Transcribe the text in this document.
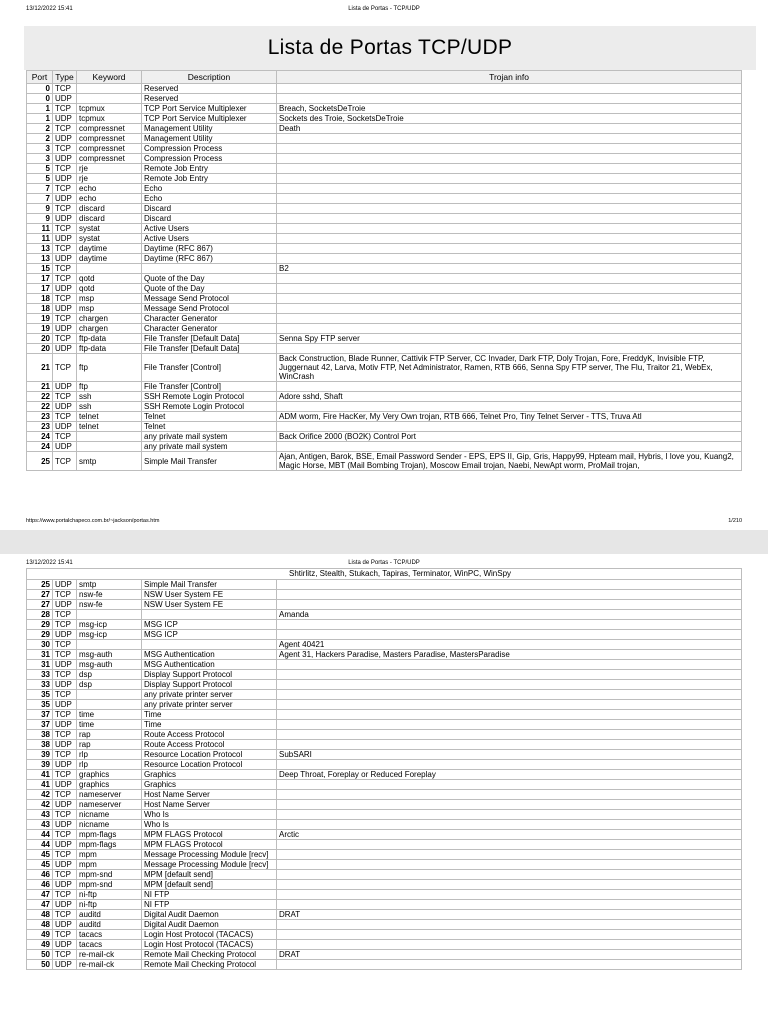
13/12/2022 15:41	Lista de Portas - TCP/UDP
Lista de Portas TCP/UDP
Port	Type	Keyword	Description	Trojan info
0	TCP		Reserved	
0	UDP		Reserved	
1	TCP	tcpmux	TCP Port Service Multiplexer	Breach, SocketsDeTroie
1	UDP	tcpmux	TCP Port Service Multiplexer	Sockets des Troie, SocketsDeTroie
2	TCP	compressnet	Management Utility	Death
2	UDP	compressnet	Management Utility	
3	TCP	compressnet	Compression Process	
3	UDP	compressnet	Compression Process	
5	TCP	rje	Remote Job Entry	
5	UDP	rje	Remote Job Entry	
7	TCP	echo	Echo	
7	UDP	echo	Echo	
9	TCP	discard	Discard	
9	UDP	discard	Discard	
11	TCP	systat	Active Users	
11	UDP	systat	Active Users	
13	TCP	daytime	Daytime (RFC 867)	
13	UDP	daytime	Daytime (RFC 867)	
15	TCP			B2
17	TCP	qotd	Quote of the Day	
17	UDP	qotd	Quote of the Day	
18	TCP	msp	Message Send Protocol	
18	UDP	msp	Message Send Protocol	
19	TCP	chargen	Character Generator	
19	UDP	chargen	Character Generator	
20	TCP	ftp-data	File Transfer [Default Data]	Senna Spy FTP server
20	UDP	ftp-data	File Transfer [Default Data]	
21	TCP	ftp	File Transfer [Control]	Back Construction, Blade Runner, Cattivik FTP Server, CC Invader, Dark FTP, Doly Trojan, Fore, FreddyK, Invisible FTP, Juggernaut 42, Larva, Motiv FTP, Net Administrator, Ramen, RTB 666, Senna Spy FTP server, The Flu, Traitor 21, WebEx, WinCrash
21	UDP	ftp	File Transfer [Control]	
22	TCP	ssh	SSH Remote Login Protocol	Adore sshd, Shaft
22	UDP	ssh	SSH Remote Login Protocol	
23	TCP	telnet	Telnet	ADM worm, Fire HacKer, My Very Own trojan, RTB 666, Telnet Pro, Tiny Telnet Server - TTS, Truva Atl
23	UDP	telnet	Telnet	
24	TCP		any private mail system	Back Orifice 2000 (BO2K) Control Port
24	UDP		any private mail system	
25	TCP	smtp	Simple Mail Transfer	Ajan, Antigen, Barok, BSE, Email Password Sender - EPS, EPS II, Gip, Gris, Happy99, Hpteam mail, Hybris, I love you, Kuang2, Magic Horse, MBT (Mail Bombing Trojan), Moscow Email trojan, Naebi, NewApt worm, ProMail trojan,
https://www.portalchapeco.com.br/~jackson/portas.htm	1/210
13/12/2022 15:41	Lista de Portas - TCP/UDP
Shtirlitz, Stealth, Stukach, Tapiras, Terminator, WinPC, WinSpy
25	UDP	smtp	Simple Mail Transfer	
27	TCP	nsw-fe	NSW User System FE	
27	UDP	nsw-fe	NSW User System FE	
28	TCP			Amanda
29	TCP	msg-icp	MSG ICP	
29	UDP	msg-icp	MSG ICP	
30	TCP			Agent 40421
31	TCP	msg-auth	MSG Authentication	Agent 31, Hackers Paradise, Masters Paradise, MastersParadise
31	UDP	msg-auth	MSG Authentication	
33	TCP	dsp	Display Support Protocol	
33	UDP	dsp	Display Support Protocol	
35	TCP		any private printer server	
35	UDP		any private printer server	
37	TCP	time	Time	
37	UDP	time	Time	
38	TCP	rap	Route Access Protocol	
38	UDP	rap	Route Access Protocol	
39	TCP	rlp	Resource Location Protocol	SubSARI
39	UDP	rlp	Resource Location Protocol	
41	TCP	graphics	Graphics	Deep Throat, Foreplay or Reduced Foreplay
41	UDP	graphics	Graphics	
42	TCP	nameserver	Host Name Server	
42	UDP	nameserver	Host Name Server	
43	TCP	nicname	Who Is	
43	UDP	nicname	Who Is	
44	TCP	mpm-flags	MPM FLAGS Protocol	Arctic
44	UDP	mpm-flags	MPM FLAGS Protocol	
45	TCP	mpm	Message Processing Module [recv]	
45	UDP	mpm	Message Processing Module [recv]	
46	TCP	mpm-snd	MPM [default send]	
46	UDP	mpm-snd	MPM [default send]	
47	TCP	ni-ftp	NI FTP	
47	UDP	ni-ftp	NI FTP	
48	TCP	auditd	Digital Audit Daemon	DRAT
48	UDP	auditd	Digital Audit Daemon	
49	TCP	tacacs	Login Host Protocol (TACACS)	
49	UDP	tacacs	Login Host Protocol (TACACS)	
50	TCP	re-mail-ck	Remote Mail Checking Protocol	DRAT
50	UDP	re-mail-ck	Remote Mail Checking Protocol	
